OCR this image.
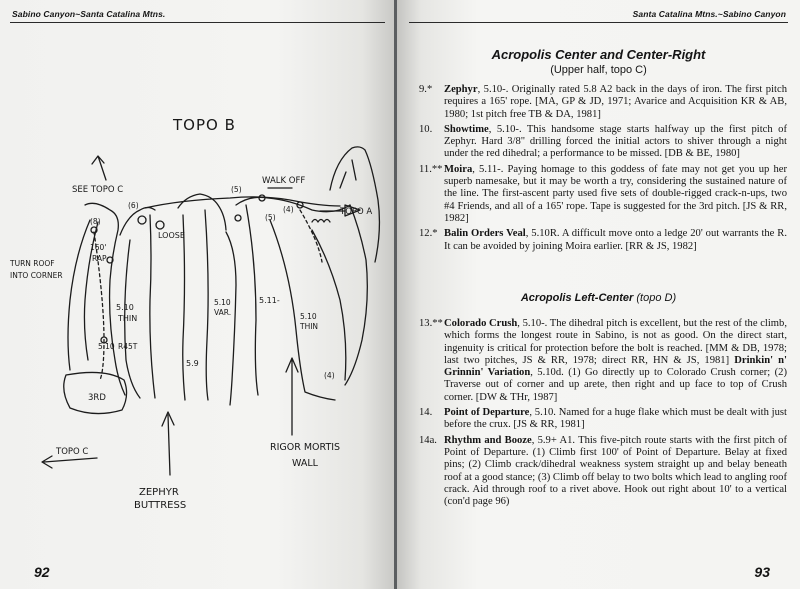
Sabino Canyon~Santa Catalina Mtns.
TOPO B
SEE TOPO C
TURN ROOF
INTO CORNER
160'
RAP
LOOSE
WALK OFF
TOPO A
5.10
THIN
5.10
VAR.
5.11-
5.10
THIN
5.9
5.10 R45T
3RD
TOPO C
ZEPHYR
BUTTRESS
RIGOR MORTIS
WALL
(5)
(5)
(6)
(8)
(4)
(4)
92
Santa Catalina Mtns.~Sabino Canyon
Acropolis Center and Center-Right
(Upper half, topo C)

9.* Zephyr, 5.10-. Originally rated 5.8 A2 back in the days of iron. The first pitch requires a 165' rope. [MA, GP & JD, 1971; Avarice and Acquisition KR & AB, 1980; 1st pitch free TB & DA, 1981]

10. Showtime, 5.10-. This handsome stage starts halfway up the first pitch of Zephyr. Hard 3/8" drilling forced the initial actors to shiver through a night under the red dihedral; a performance to be missed. [DB & BE, 1980]

11.** Moira, 5.11-. Paying homage to this goddess of fate may not get you up her superb namesake, but it may be worth a try, considering the sustained nature of the line. The first-ascent party used five sets of double-rigged crack-n-ups, two #4 Friends, and all of a 165' rope. Tape is suggested for the 3rd pitch. [JS & RR, 1982]

12.* Balin Orders Veal, 5.10R. A difficult move onto a ledge 20' out warrants the R. It can be avoided by joining Moira earlier. [RR & JS, 1982]

Acropolis Left-Center (topo D)

13.** Colorado Crush, 5.10-. The dihedral pitch is excellent, but the rest of the climb, which forms the longest route in Sabino, is not as good. On the direct start, ingenuity is critical for protection before the bolt is reached. [MM & DB, 1978; last two pitches, JS & RR, 1978; direct RR, HN & JS, 1981] Drinkin' n' Grinnin' Variation, 5.10d. (1) Go directly up to Colorado Crush corner; (2) Traverse out of corner and up arete, then right and up face to top of Crush corner. [DW & THr, 1987]

14. Point of Departure, 5.10. Named for a huge flake which must be dealt with just before the crux. [JS & RR, 1981]

14a. Rhythm and Booze, 5.9+ A1. This five-pitch route starts with the first pitch of Point of Departure. (1) Climb first 100' of Point of Departure. Belay at fixed pins; (2) Climb crack/dihedral weakness system straight up and belay beneath roof at a good stance; (3) Climb off belay to two bolts which lead to angling roof crack. Aid through roof to a rivet above. Hook out right about 10' to a vertical (con'd page 96)

93
